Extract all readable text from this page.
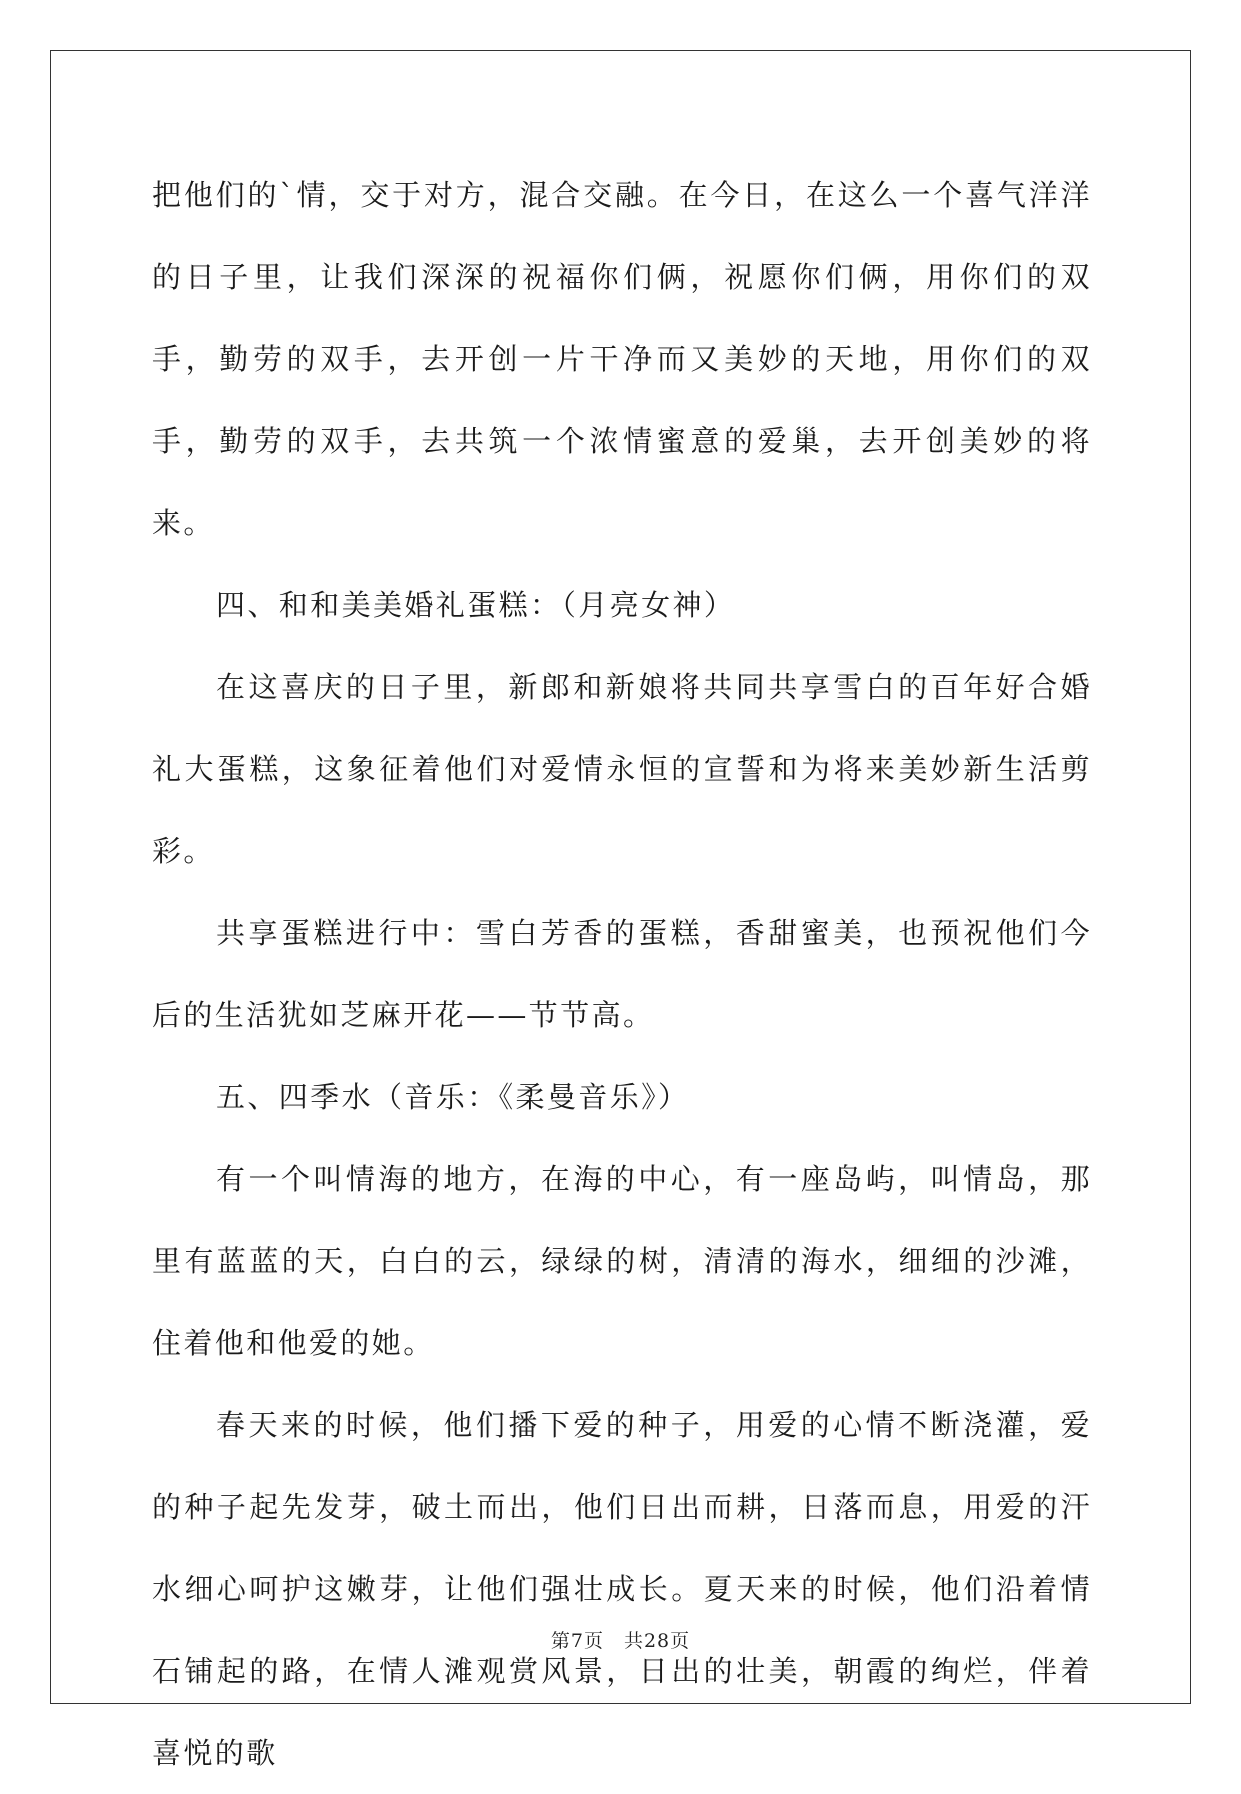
把他们的`情，交于对方，混合交融。在今日，在这么一个喜气洋洋的日子里，让我们深深的祝福你们俩，祝愿你们俩，用你们的双手，勤劳的双手，去开创一片干净而又美妙的天地，用你们的双手，勤劳的双手，去共筑一个浓情蜜意的爱巢，去开创美妙的将来。

四、和和美美婚礼蛋糕：（月亮女神）

在这喜庆的日子里，新郎和新娘将共同共享雪白的百年好合婚礼大蛋糕，这象征着他们对爱情永恒的宣誓和为将来美妙新生活剪彩。

共享蛋糕进行中：雪白芳香的蛋糕，香甜蜜美，也预祝他们今后的生活犹如芝麻开花——节节高。

五、四季水（音乐：《柔曼音乐》）

有一个叫情海的地方，在海的中心，有一座岛屿，叫情岛，那里有蓝蓝的天，白白的云，绿绿的树，清清的海水，细细的沙滩，住着他和他爱的她。

春天来的时候，他们播下爱的种子，用爱的心情不断浇灌，爱的种子起先发芽，破土而出，他们日出而耕，日落而息，用爱的汗水细心呵护这嫩芽，让他们强壮成长。夏天来的时候，他们沿着情石铺起的路，在情人滩观赏风景，日出的壮美，朝霞的绚烂，伴着喜悦的歌

第7页 共28页
